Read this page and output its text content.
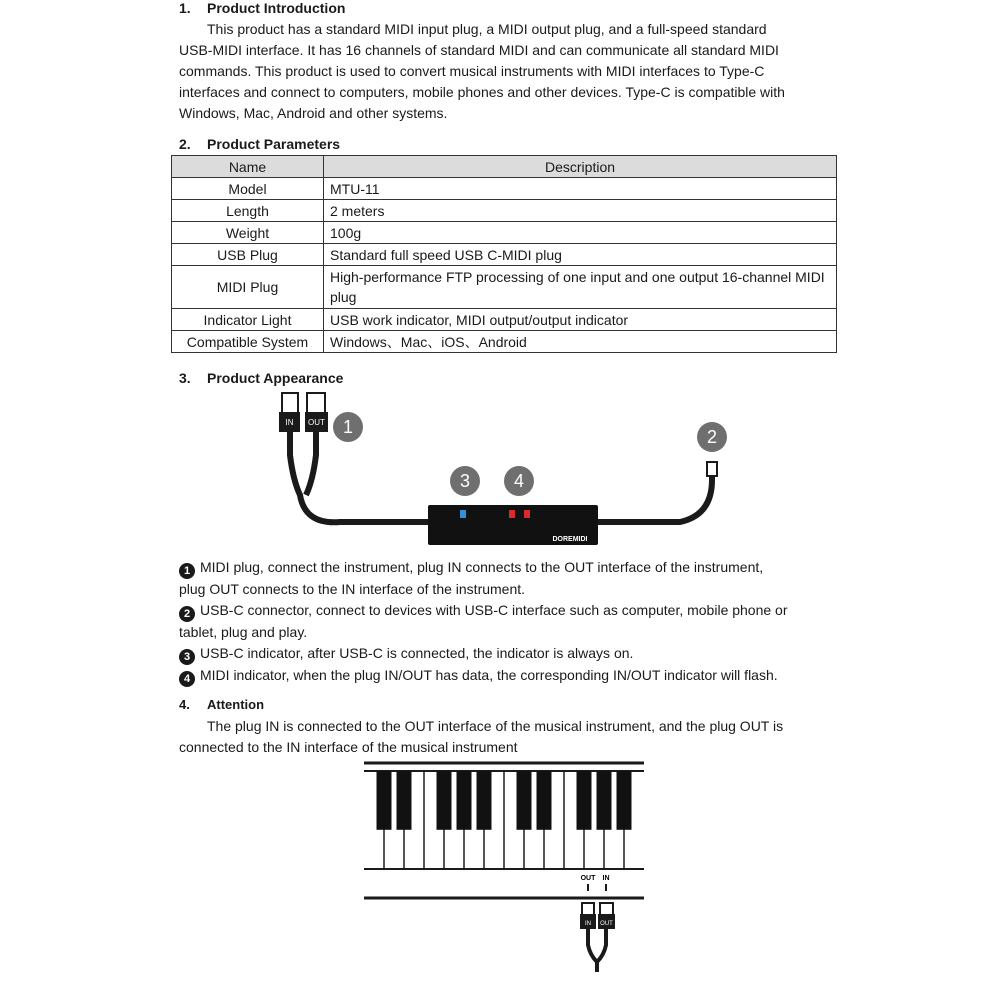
1. Product Introduction
This product has a standard MIDI input plug, a MIDI output plug, and a full-speed standard
USB-MIDI interface. It has 16 channels of standard MIDI and can communicate all standard MIDI
commands. This product is used to convert musical instruments with MIDI interfaces to Type-C
interfaces and connect to computers, mobile phones and other devices. Type-C is compatible with
Windows, Mac, Android and other systems.
2. Product Parameters
Name	Description
Model	MTU-11
Length	2 meters
Weight	100g
USB Plug	Standard full speed USB C-MIDI plug
MIDI Plug	High-performance FTP processing of one input and one output 16-channel MIDI plug
Indicator Light	USB work indicator, MIDI output/output indicator
Compatible System	Windows、Mac、iOS、Android
3. Product Appearance
IN OUT
DOREMIDI
1	2
3	4
1 MIDI plug, connect the instrument, plug IN connects to the OUT interface of the instrument,
plug OUT connects to the IN interface of the instrument.
2 USB-C connector, connect to devices with USB-C interface such as computer, mobile phone or
tablet, plug and play.
3 USB-C indicator, after USB-C is connected, the indicator is always on.
4 MIDI indicator, when the plug IN/OUT has data, the corresponding IN/OUT indicator will flash.
4. Attention
The plug IN is connected to the OUT interface of the musical instrument, and the plug OUT is
connected to the IN interface of the musical instrument
OUT IN
IN OUT
